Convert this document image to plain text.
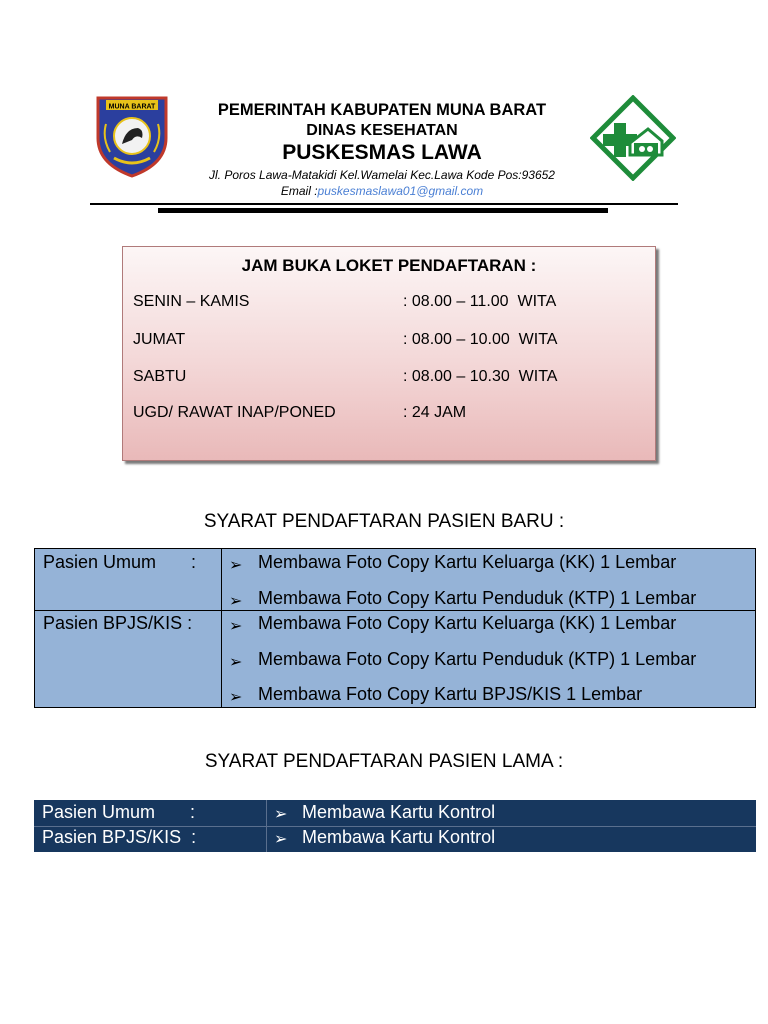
MUNA BARAT	PEMERINTAH KABUPATEN MUNA BARAT
DINAS KESEHATAN
PUSKESMAS LAWA
Jl. Poros Lawa-Matakidi Kel.Wamelai Kec.Lawa Kode Pos:93652
Email :puskesmaslawa01@gmail.com
JAM BUKA LOKET PENDAFTARAN :
SENIN – KAMIS	: 08.00 – 11.00  WITA
JUMAT	: 08.00 – 10.00  WITA
SABTU	: 08.00 – 10.30  WITA
UGD/ RAWAT INAP/PONED	: 24 JAM
SYARAT PENDAFTARAN PASIEN BARU :
Pasien Umum       : ➢ Membawa Foto Copy Kartu Keluarga (KK) 1 Lembar
➢ Membawa Foto Copy Kartu Penduduk (KTP) 1 Lembar
Pasien BPJS/KIS : ➢ Membawa Foto Copy Kartu Keluarga (KK) 1 Lembar
➢ Membawa Foto Copy Kartu Penduduk (KTP) 1 Lembar
➢ Membawa Foto Copy Kartu BPJS/KIS 1 Lembar
SYARAT PENDAFTARAN PASIEN LAMA :
Pasien Umum       :	➢ Membawa Kartu Kontrol
Pasien BPJS/KIS  :	➢ Membawa Kartu Kontrol
